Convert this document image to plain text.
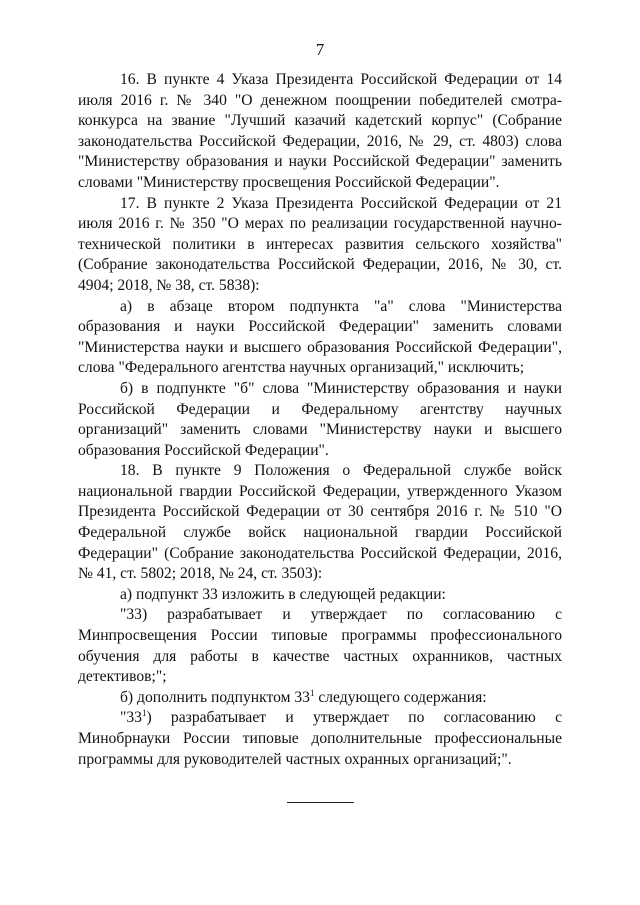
7

16. В пункте 4 Указа Президента Российской Федерации от 14 июля 2016 г. № 340 "О денежном поощрении победителей смотра-конкурса на звание "Лучший казачий кадетский корпус" (Собрание законодательства Российской Федерации, 2016, № 29, ст. 4803) слова "Министерству образования и науки Российской Федерации" заменить словами "Министерству просвещения Российской Федерации".

17. В пункте 2 Указа Президента Российской Федерации от 21 июля 2016 г. № 350 "О мерах по реализации государственной научно-технической политики в интересах развития сельского хозяйства" (Собрание законодательства Российской Федерации, 2016, № 30, ст. 4904; 2018, № 38, ст. 5838):

а) в абзаце втором подпункта "а" слова "Министерства образования и науки Российской Федерации" заменить словами "Министерства науки и высшего образования Российской Федерации", слова "Федерального агентства научных организаций," исключить;

б) в подпункте "б" слова "Министерству образования и науки Российской Федерации и Федеральному агентству научных организаций" заменить словами "Министерству науки и высшего образования Российской Федерации".

18. В пункте 9 Положения о Федеральной службе войск национальной гвардии Российской Федерации, утвержденного Указом Президента Российской Федерации от 30 сентября 2016 г. № 510 "О Федеральной службе войск национальной гвардии Российской Федерации" (Собрание законодательства Российской Федерации, 2016, № 41, ст. 5802; 2018, № 24, ст. 3503):

а) подпункт 33 изложить в следующей редакции:

"33) разрабатывает и утверждает по согласованию с Минпросвещения России типовые программы профессионального обучения для работы в качестве частных охранников, частных детективов;";

б) дополнить подпунктом $33^1$ следующего содержания:

"$33^1$) разрабатывает и утверждает по согласованию с Минобрнауки России типовые дополнительные профессиональные программы для руководителей частных охранных организаций;".
